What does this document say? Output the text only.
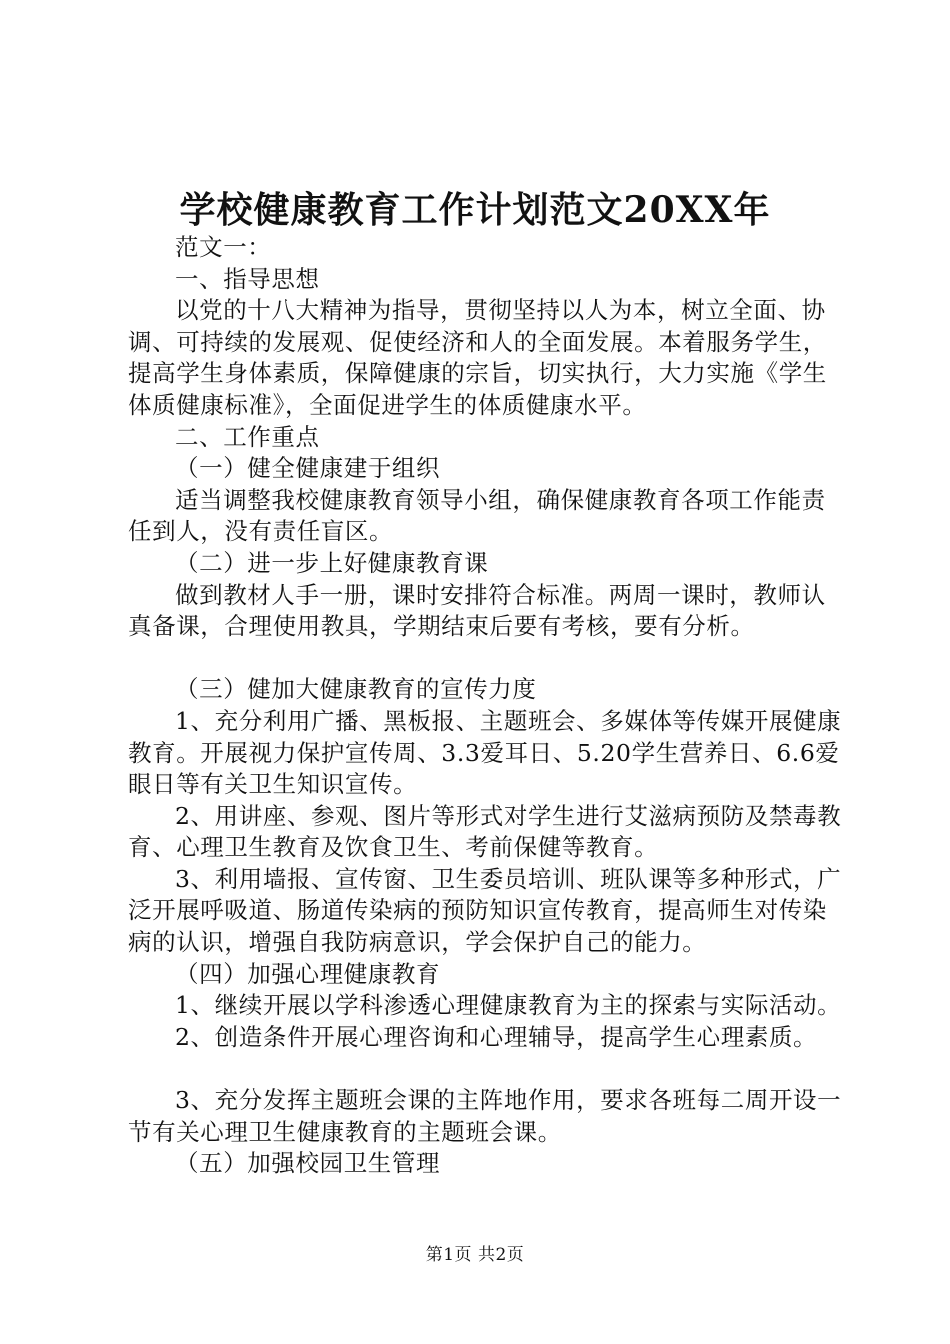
学校健康教育工作计划范文20XX年

范文一：

一、指导思想

以党的十八大精神为指导，贯彻坚持以人为本，树立全面、协调、可持续的发展观、促使经济和人的全面发展。本着服务学生，提高学生身体素质，保障健康的宗旨，切实执行，大力实施《学生体质健康标准》，全面促进学生的体质健康水平。

二、工作重点

（一）健全健康建于组织

适当调整我校健康教育领导小组，确保健康教育各项工作能责任到人，没有责任盲区。

（二）进一步上好健康教育课

做到教材人手一册，课时安排符合标准。两周一课时，教师认真备课，合理使用教具，学期结束后要有考核，要有分析。

（三）健加大健康教育的宣传力度

1、充分利用广播、黑板报、主题班会、多媒体等传媒开展健康教育。开展视力保护宣传周、3.3爱耳日、5.20学生营养日、6.6爱眼日等有关卫生知识宣传。

2、用讲座、参观、图片等形式对学生进行艾滋病预防及禁毒教育、心理卫生教育及饮食卫生、考前保健等教育。

3、利用墙报、宣传窗、卫生委员培训、班队课等多种形式，广泛开展呼吸道、肠道传染病的预防知识宣传教育，提高师生对传染病的认识，增强自我防病意识，学会保护自己的能力。

（四）加强心理健康教育

1、继续开展以学科渗透心理健康教育为主的探索与实际活动。

2、创造条件开展心理咨询和心理辅导，提高学生心理素质。

3、充分发挥主题班会课的主阵地作用，要求各班每二周开设一节有关心理卫生健康教育的主题班会课。

（五）加强校园卫生管理

第1页 共2页
